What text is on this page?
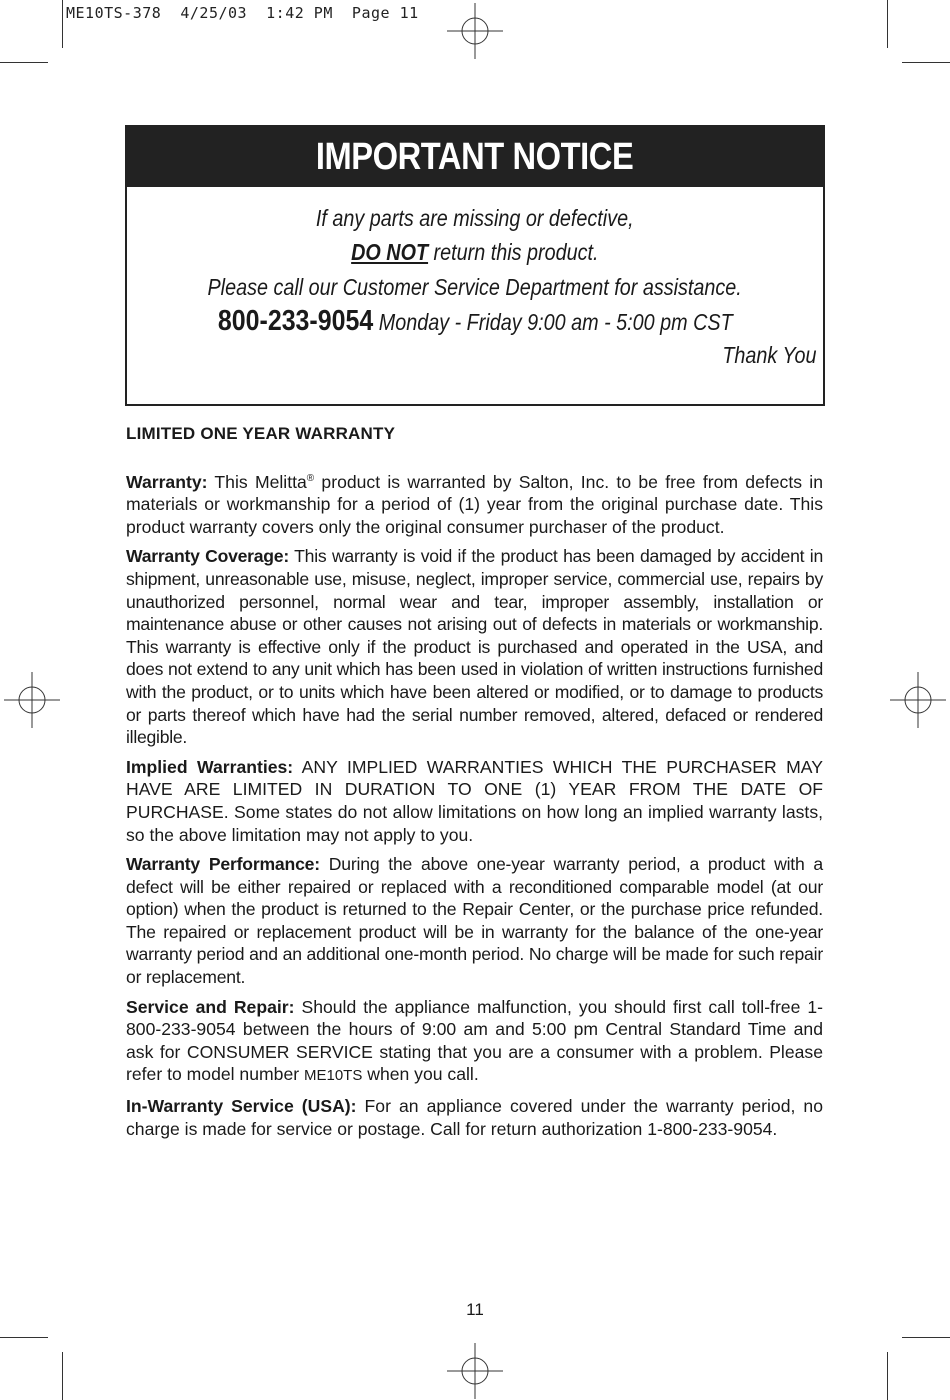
ME10TS-378  4/25/03  1:42 PM  Page 11
IMPORTANT NOTICE
If any parts are missing or defective,
DO NOT return this product.
Please call our Customer Service Department for assistance.
800-233-9054 Monday - Friday 9:00 am - 5:00 pm CST
Thank You

LIMITED ONE YEAR WARRANTY

Warranty: This Melitta® product is warranted by Salton, Inc. to be free from defects in materials or workmanship for a period of (1) year from the original purchase date. This product warranty covers only the original consumer purchaser of the product.

Warranty Coverage: This warranty is void if the product has been damaged by accident in shipment, unreasonable use, misuse, neglect, improper service, commercial use, repairs by unauthorized personnel, normal wear and tear, improper assembly, installation or maintenance abuse or other causes not arising out of defects in materials or workmanship. This warranty is effective only if the product is purchased and operated in the USA, and does not extend to any unit which has been used in violation of written instructions furnished with the product, or to units which have been altered or modified, or to damage to products or parts thereof which have had the serial number removed, altered, defaced or rendered illegible.

Implied Warranties: ANY IMPLIED WARRANTIES WHICH THE PURCHASER MAY HAVE ARE LIMITED IN DURATION TO ONE (1) YEAR FROM THE DATE OF PURCHASE. Some states do not allow limitations on how long an implied warranty lasts, so the above limitation may not apply to you.

Warranty Performance: During the above one-year warranty period, a product with a defect will be either repaired or replaced with a reconditioned comparable model (at our option) when the product is returned to the Repair Center, or the purchase price refunded. The repaired or replacement product will be in warranty for the balance of the one-year warranty period and an additional one-month period. No charge will be made for such repair or replacement.

Service and Repair: Should the appliance malfunction, you should first call toll-free 1-800-233-9054 between the hours of 9:00 am and 5:00 pm Central Standard Time and ask for CONSUMER SERVICE stating that you are a consumer with a problem. Please refer to model number ME10TS when you call.

In-Warranty Service (USA): For an appliance covered under the warranty period, no charge is made for service or postage. Call for return authorization 1-800-233-9054.

11
